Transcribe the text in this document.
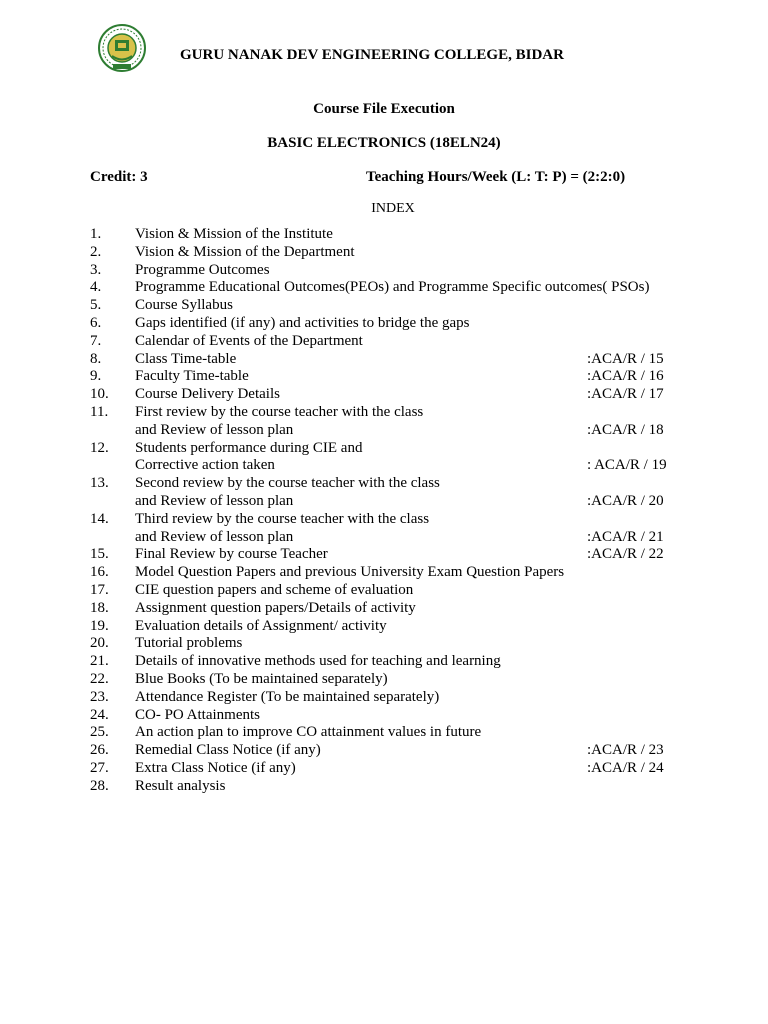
GURU NANAK DEV ENGINEERING COLLEGE, BIDAR
Course File Execution
BASIC ELECTRONICS (18ELN24)
Credit: 3	Teaching Hours/Week (L: T: P) = (2:2:0)
INDEX
1. Vision & Mission of the Institute
2. Vision & Mission of the Department
3. Programme Outcomes
4. Programme Educational Outcomes(PEOs) and Programme Specific outcomes( PSOs)
5. Course Syllabus
6. Gaps identified (if any) and activities to bridge the gaps
7. Calendar of Events of the Department
8. Class Time-table	:ACA/R / 15
9. Faculty Time-table	:ACA/R / 16
10. Course Delivery Details	:ACA/R / 17
11. First review by the course teacher with the class
and Review of lesson plan	:ACA/R / 18
12. Students performance during CIE and
Corrective action taken	: ACA/R / 19
13. Second review by the course teacher with the class
and Review of lesson plan	:ACA/R / 20
14. Third review by the course teacher with the class
and Review of lesson plan	:ACA/R / 21
15. Final Review by course Teacher	:ACA/R / 22
16. Model Question Papers and previous University Exam Question Papers
17. CIE question papers and scheme of evaluation
18. Assignment question papers/Details of activity
19. Evaluation details of Assignment/ activity
20. Tutorial problems
21. Details of innovative methods used for teaching and learning
22. Blue Books (To be maintained separately)
23. Attendance Register (To be maintained separately)
24. CO- PO Attainments
25. An action plan to improve CO attainment values in future
26. Remedial Class Notice (if any)	:ACA/R / 23
27. Extra Class Notice (if any)	:ACA/R / 24
28. Result analysis
